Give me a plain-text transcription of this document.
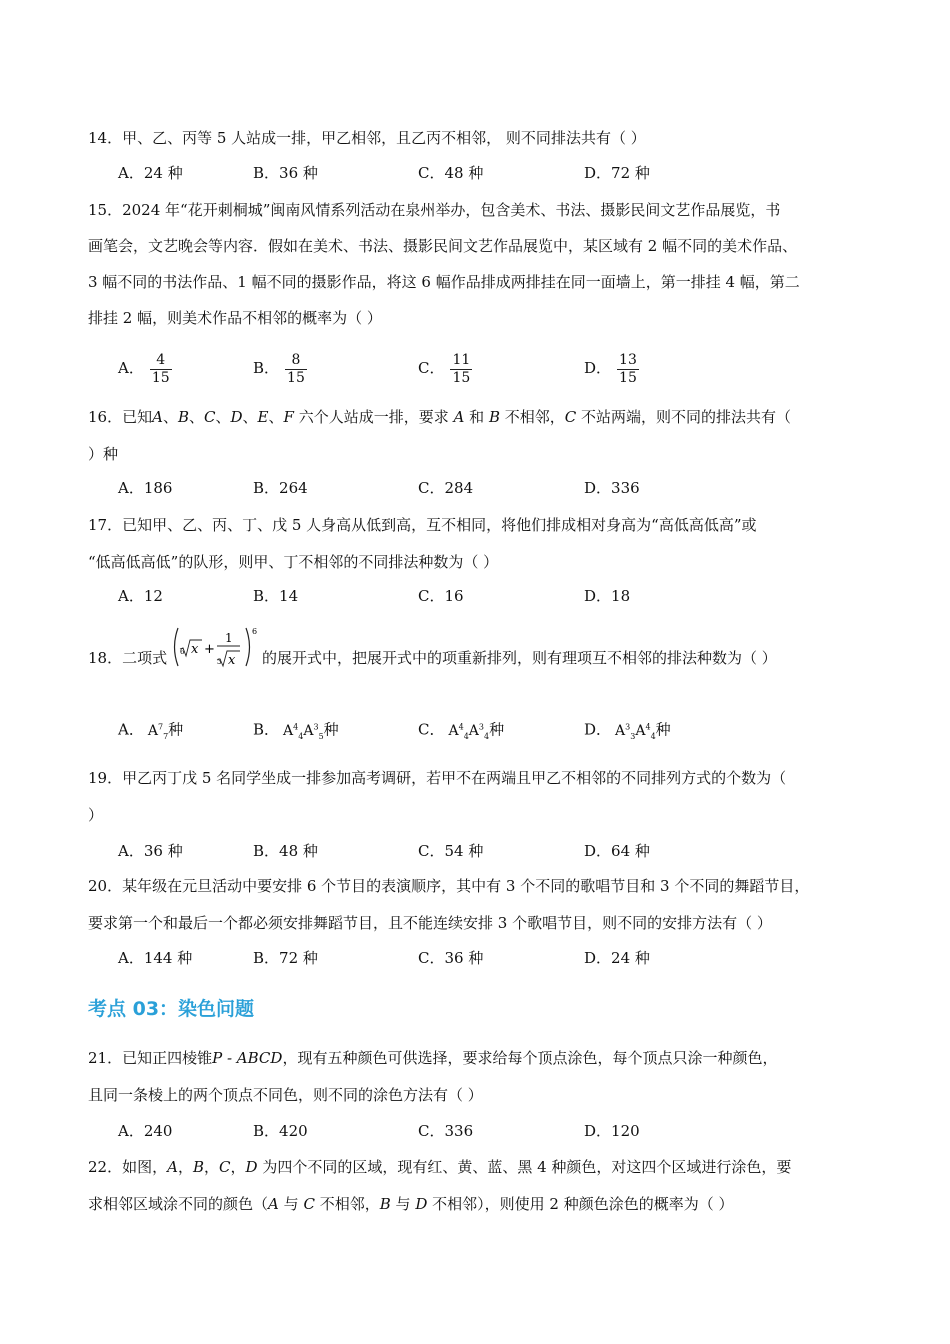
14．甲、乙、丙等 5 人站成一排，甲乙相邻，且乙丙不相邻， 则不同排法共有（ ）
A．24 种	B．36 种	C．48 种	D．72 种
15．2024 年“花开刺桐城”闽南风情系列活动在泉州举办，包含美术、书法、摄影民间文艺作品展览，书
画笔会，文艺晚会等内容．假如在美术、书法、摄影民间文艺作品展览中，某区域有 2 幅不同的美术作品、
3 幅不同的书法作品、1 幅不同的摄影作品，将这 6 幅作品排成两排挂在同一面墙上，第一排挂 4 幅，第二
排挂 2 幅，则美术作品不相邻的概率为（ ）
A． $\frac{4}{15}$	B． $\frac{8}{15}$	C． $\frac{11}{15}$	D． $\frac{13}{15}$
16．已知A、B、C、D、E、F 六个人站成一排，要求 A 和 B 不相邻，C 不站两端，则不同的排法共有（
）种
A．186	B．264	C．284	D．336
17．已知甲、乙、丙、丁、戊 5 人身高从低到高，互不相同，将他们排成相对身高为“高低高低高”或
“低高低高低”的队形，则甲、丁不相邻的不同排法种数为（ ）
A．12	B．14	C．16	D．18
18．二项式 6 x +
1
3 x
6
的展开式中，把展开式中的项重新排列，则有理项互不相邻的排法种数为（ ）
A． $A^7_7$种	B． $A^4_4A^3_5$种	C． $A^4_4A^3_4$种	D． $A^3_3A^4_4$种
19．甲乙丙丁戊 5 名同学坐成一排参加高考调研，若甲不在两端且甲乙不相邻的不同排列方式的个数为（
）
A．36 种	B．48 种	C．54 种	D．64 种
20．某年级在元旦活动中要安排 6 个节目的表演顺序，其中有 3 个不同的歌唱节目和 3 个不同的舞蹈节目，
要求第一个和最后一个都必须安排舞蹈节目，且不能连续安排 3 个歌唱节目，则不同的安排方法有（ ）
A．144 种	B．72 种	C．36 种	D．24 种
考点 03：染色问题
21．已知正四棱锥P - ABCD，现有五种颜色可供选择，要求给每个顶点涂色，每个顶点只涂一种颜色，
且同一条棱上的两个顶点不同色，则不同的涂色方法有（ ）
A．240	B．420	C．336	D．120
22．如图，A，B，C，D 为四个不同的区域，现有红、黄、蓝、黑 4 种颜色，对这四个区域进行涂色，要
求相邻区域涂不同的颜色（A 与 C 不相邻，B 与 D 不相邻），则使用 2 种颜色涂色的概率为（ ）
